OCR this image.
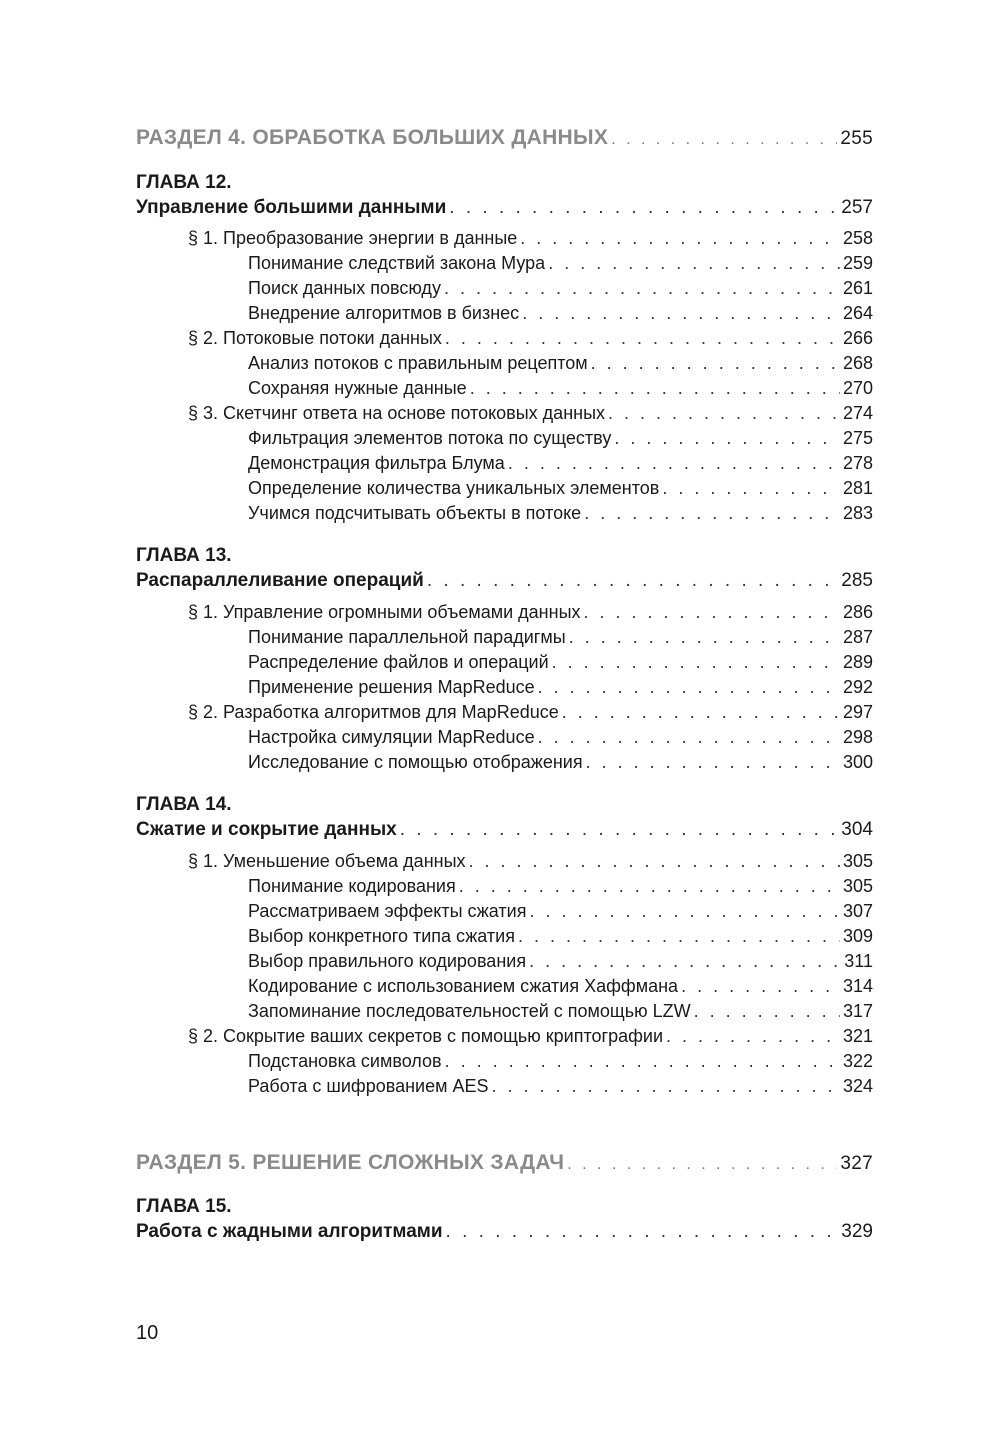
РАЗДЕЛ 4. ОБРАБОТКА БОЛЬШИХ ДАННЫХ . . .	255
ГЛАВА 12.
Управление большими данными . . .	257
§ 1. Преобразование энергии в данные . . .	258
Понимание следствий закона Мура . . .	259
Поиск данных повсюду . . .	261
Внедрение алгоритмов в бизнес . . .	264
§ 2. Потоковые потоки данных . . .	266
Анализ потоков с правильным рецептом . . .	268
Сохраняя нужные данные . . .	270
§ 3. Скетчинг ответа на основе потоковых данных . . .	274
Фильтрация элементов потока по существу . . .	275
Демонстрация фильтра Блума . . .	278
Определение количества уникальных элементов . . .	281
Учимся подсчитывать объекты в потоке . . .	283
ГЛАВА 13.
Распараллеливание операций . . .	285
§ 1. Управление огромными объемами данных . . .	286
Понимание параллельной парадигмы . . .	287
Распределение файлов и операций . . .	289
Применение решения MapReduce . . .	292
§ 2. Разработка алгоритмов для MapReduce . . .	297
Настройка симуляции MapReduce . . .	298
Исследование с помощью отображения . . .	300
ГЛАВА 14.
Сжатие и сокрытие данных . . .	304
§ 1. Уменьшение объема данных . . .	305
Понимание кодирования . . .	305
Рассматриваем эффекты сжатия . . .	307
Выбор конкретного типа сжатия . . .	309
Выбор правильного кодирования . . .	311
Кодирование с использованием сжатия Хаффмана . . .	314
Запоминание последовательностей с помощью LZW . . .	317
§ 2. Сокрытие ваших секретов с помощью криптографии . . .	321
Подстановка символов . . .	322
Работа с шифрованием AES . . .	324
РАЗДЕЛ 5. РЕШЕНИЕ СЛОЖНЫХ ЗАДАЧ . . .	327
ГЛАВА 15.
Работа с жадными алгоритмами . . .	329
10
